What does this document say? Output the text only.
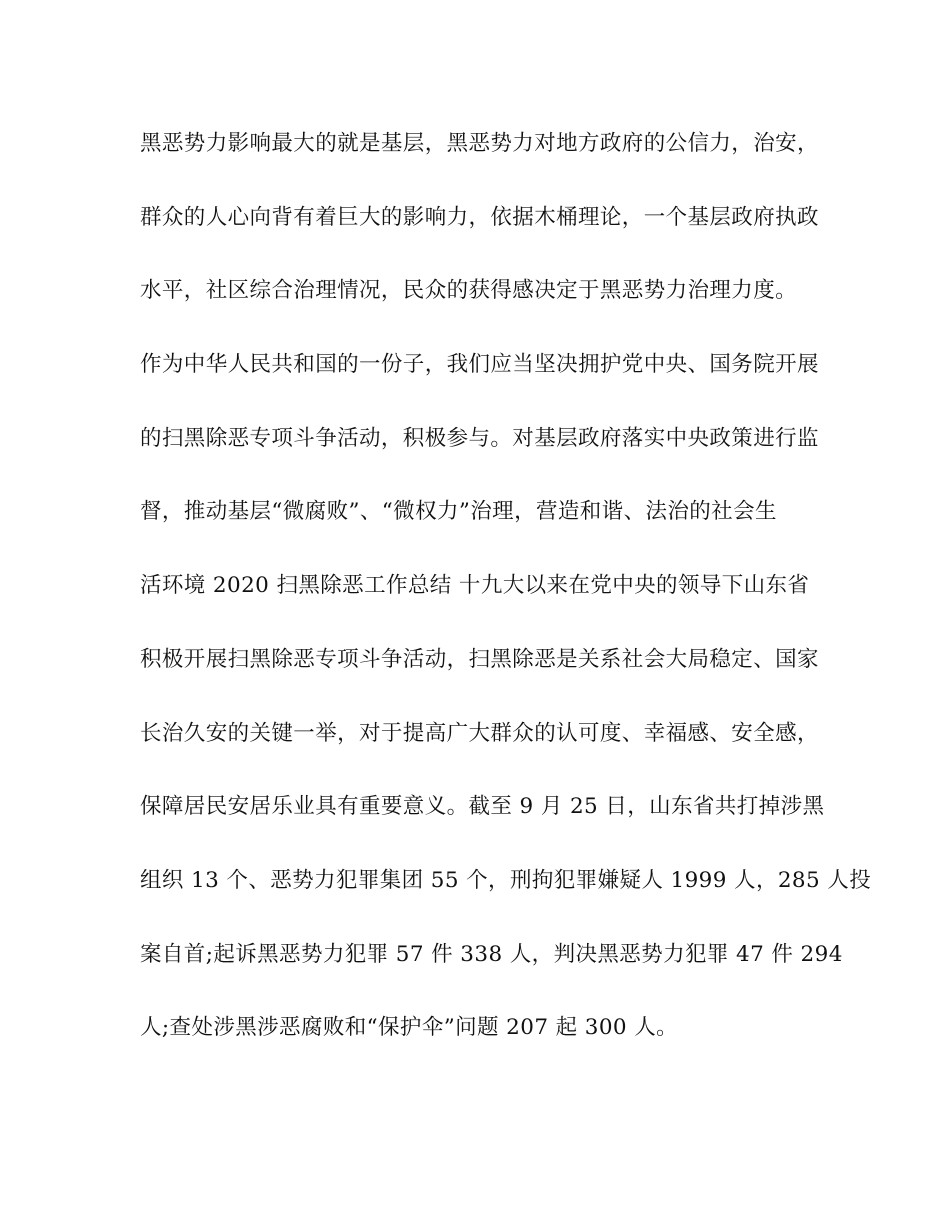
黑恶势力影响最大的就是基层，黑恶势力对地方政府的公信力，治安，
群众的人心向背有着巨大的影响力，依据木桶理论，一个基层政府执政
水平，社区综合治理情况，民众的获得感决定于黑恶势力治理力度。
作为中华人民共和国的一份子，我们应当坚决拥护党中央、国务院开展
的扫黑除恶专项斗争活动，积极参与。对基层政府落实中央政策进行监
督，推动基层“微腐败”、“微权力”治理，营造和谐、法治的社会生
活环境 2020 扫黑除恶工作总结 十九大以来在党中央的领导下山东省
积极开展扫黑除恶专项斗争活动，扫黑除恶是关系社会大局稳定、国家
长治久安的关键一举，对于提高广大群众的认可度、幸福感、安全感，
保障居民安居乐业具有重要意义。截至 9 月 25 日，山东省共打掉涉黑
组织 13 个、恶势力犯罪集团 55 个，刑拘犯罪嫌疑人 1999 人，285 人投
案自首;起诉黑恶势力犯罪 57 件 338 人，判决黑恶势力犯罪 47 件 294
人;查处涉黑涉恶腐败和“保护伞”问题 207 起 300 人。
